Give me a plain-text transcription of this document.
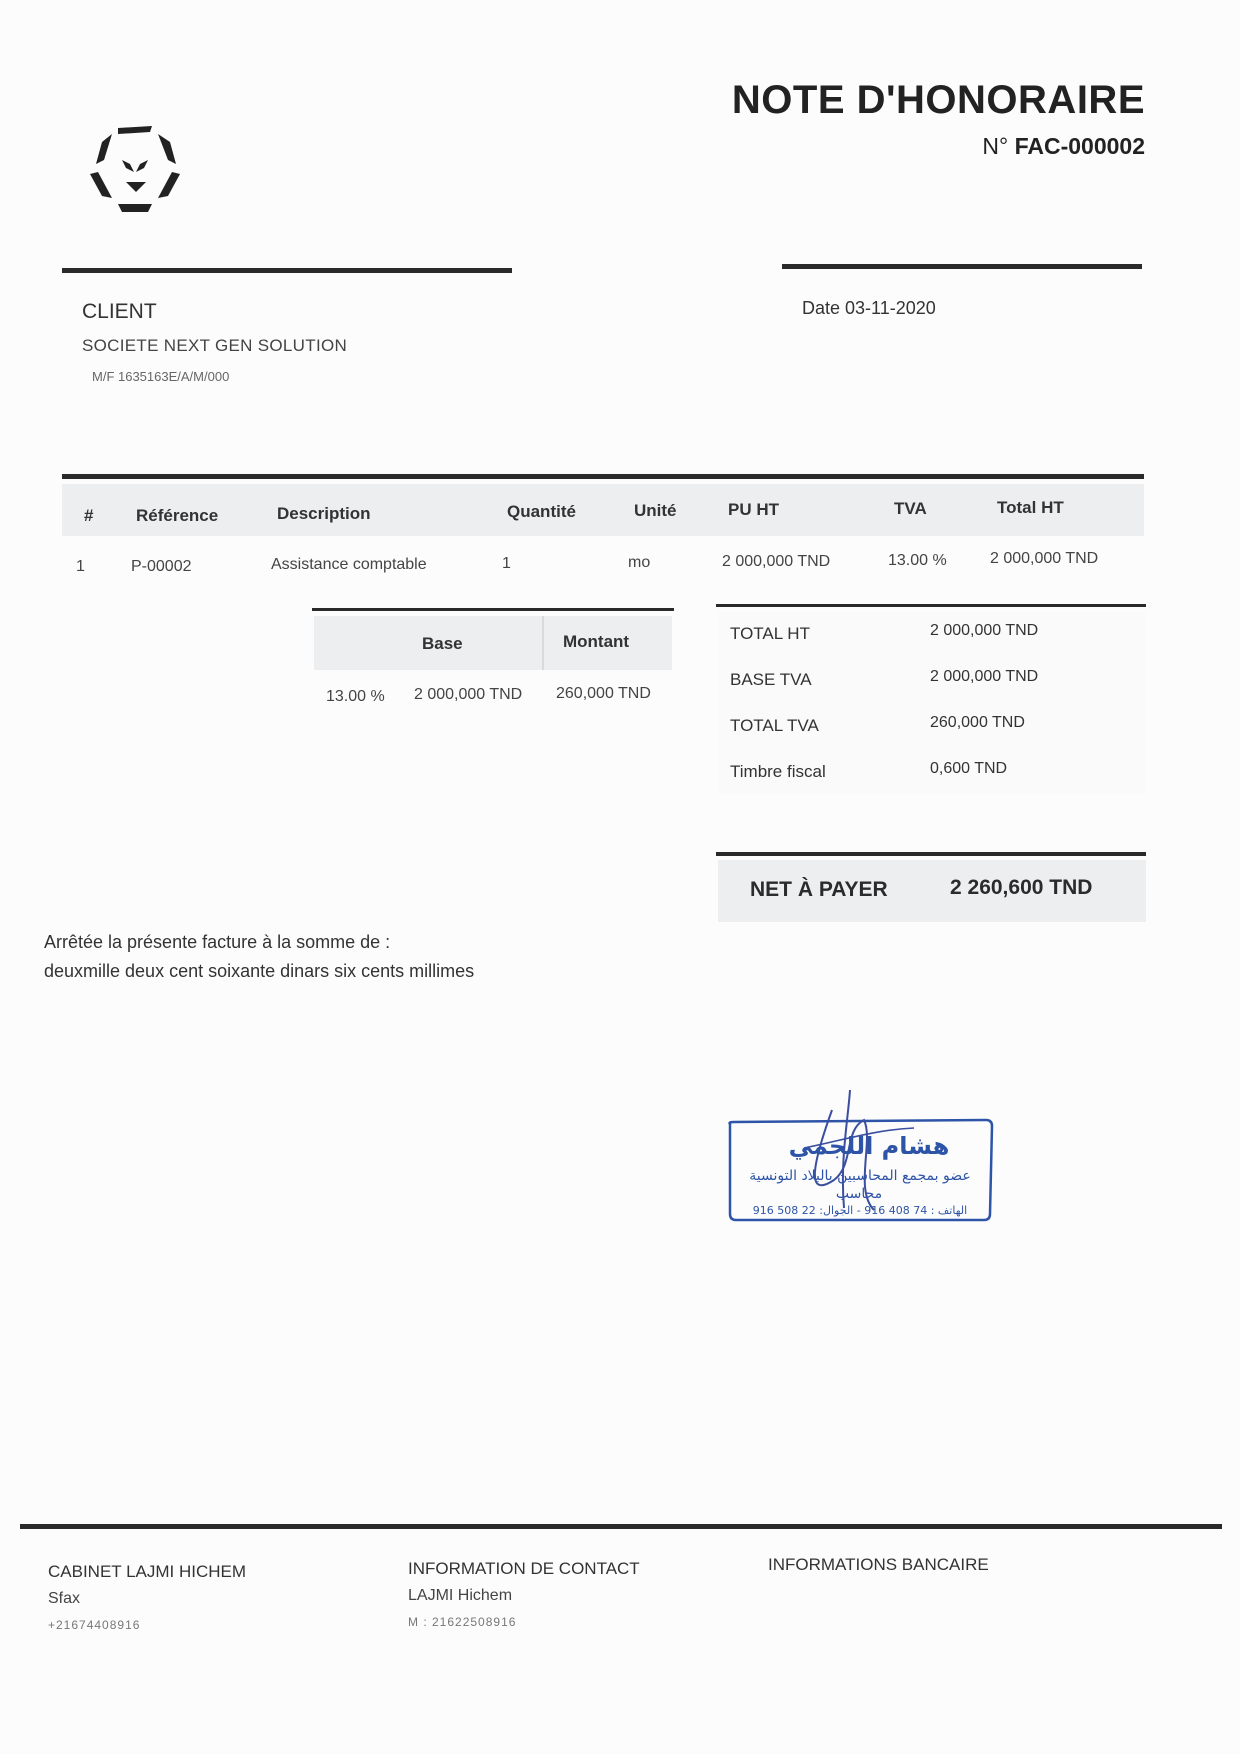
NOTE D'HONORAIRE
N° FAC-000002
CLIENT
SOCIETE NEXT GEN SOLUTION
M/F 1635163E/A/M/000
Date 03-11-2020
#	Référence	Description	Quantité	Unité	PU HT	TVA	Total HT
1	P-00002	Assistance comptable	1	mo	2 000,000 TND	13.00 %	2 000,000 TND
Base	Montant
13.00 % 2 000,000 TND 260,000 TND
TOTAL HT	2 000,000 TND
BASE TVA	2 000,000 TND
TOTAL TVA	260,000 TND
Timbre fiscal	0,600 TND
NET À PAYER	2 260,600 TND
Arrêtée la présente facture à la somme de :
deuxmille deux cent soixante dinars six cents millimes
هشام اللجمي
عضو بمجمع المحاسبين بالبلاد التونسية
محاسب
الهاتف : 74 408 916 - الجوال: 22 508 916
CABINET LAJMI HICHEM
Sfax
+21674408916
INFORMATION DE CONTACT
LAJMI Hichem
M : 21622508916
INFORMATIONS BANCAIRE
